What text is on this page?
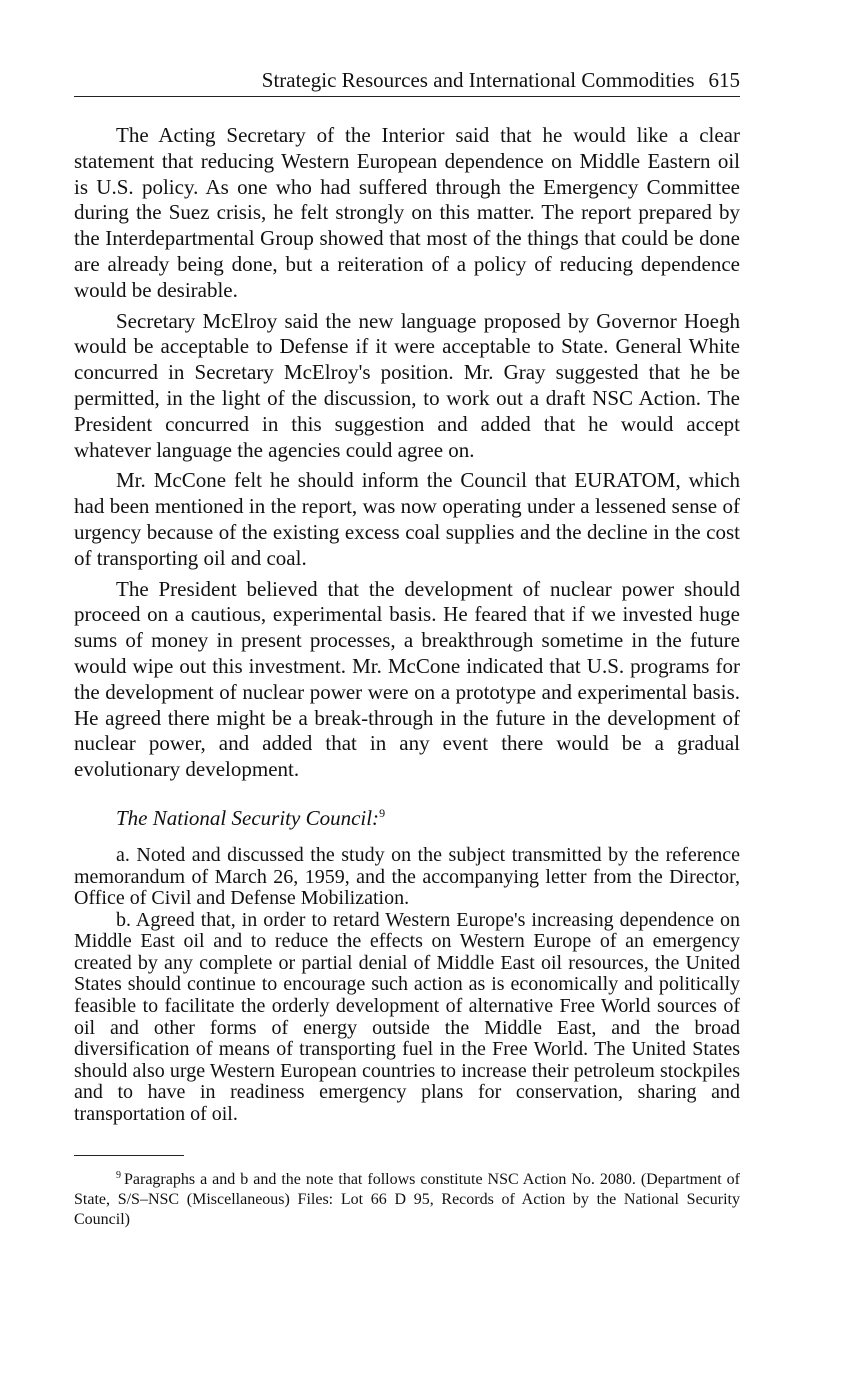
Strategic Resources and International Commodities 615

The Acting Secretary of the Interior said that he would like a clear statement that reducing Western European dependence on Middle Eastern oil is U.S. policy. As one who had suffered through the Emergency Committee during the Suez crisis, he felt strongly on this matter. The report prepared by the Interdepartmental Group showed that most of the things that could be done are already being done, but a reiteration of a policy of reducing dependence would be desirable.

Secretary McElroy said the new language proposed by Governor Hoegh would be acceptable to Defense if it were acceptable to State. General White concurred in Secretary McElroy's position. Mr. Gray suggested that he be permitted, in the light of the discussion, to work out a draft NSC Action. The President concurred in this suggestion and added that he would accept whatever language the agencies could agree on.

Mr. McCone felt he should inform the Council that EURATOM, which had been mentioned in the report, was now operating under a lessened sense of urgency because of the existing excess coal supplies and the decline in the cost of transporting oil and coal.

The President believed that the development of nuclear power should proceed on a cautious, experimental basis. He feared that if we invested huge sums of money in present processes, a breakthrough sometime in the future would wipe out this investment. Mr. McCone indicated that U.S. programs for the development of nuclear power were on a prototype and experimental basis. He agreed there might be a break-through in the future in the development of nuclear power, and added that in any event there would be a gradual evolutionary development.

The National Security Council:$^9$

a. Noted and discussed the study on the subject transmitted by the reference memorandum of March 26, 1959, and the accompanying letter from the Director, Office of Civil and Defense Mobilization.

b. Agreed that, in order to retard Western Europe's increasing dependence on Middle East oil and to reduce the effects on Western Europe of an emergency created by any complete or partial denial of Middle East oil resources, the United States should continue to encourage such action as is economically and politically feasible to facilitate the orderly development of alternative Free World sources of oil and other forms of energy outside the Middle East, and the broad diversification of means of transporting fuel in the Free World. The United States should also urge Western European countries to increase their petroleum stockpiles and to have in readiness emergency plans for conservation, sharing and transportation of oil.

$^9$ Paragraphs a and b and the note that follows constitute NSC Action No. 2080. (Department of State, S/S–NSC (Miscellaneous) Files: Lot 66 D 95, Records of Action by the National Security Council)
